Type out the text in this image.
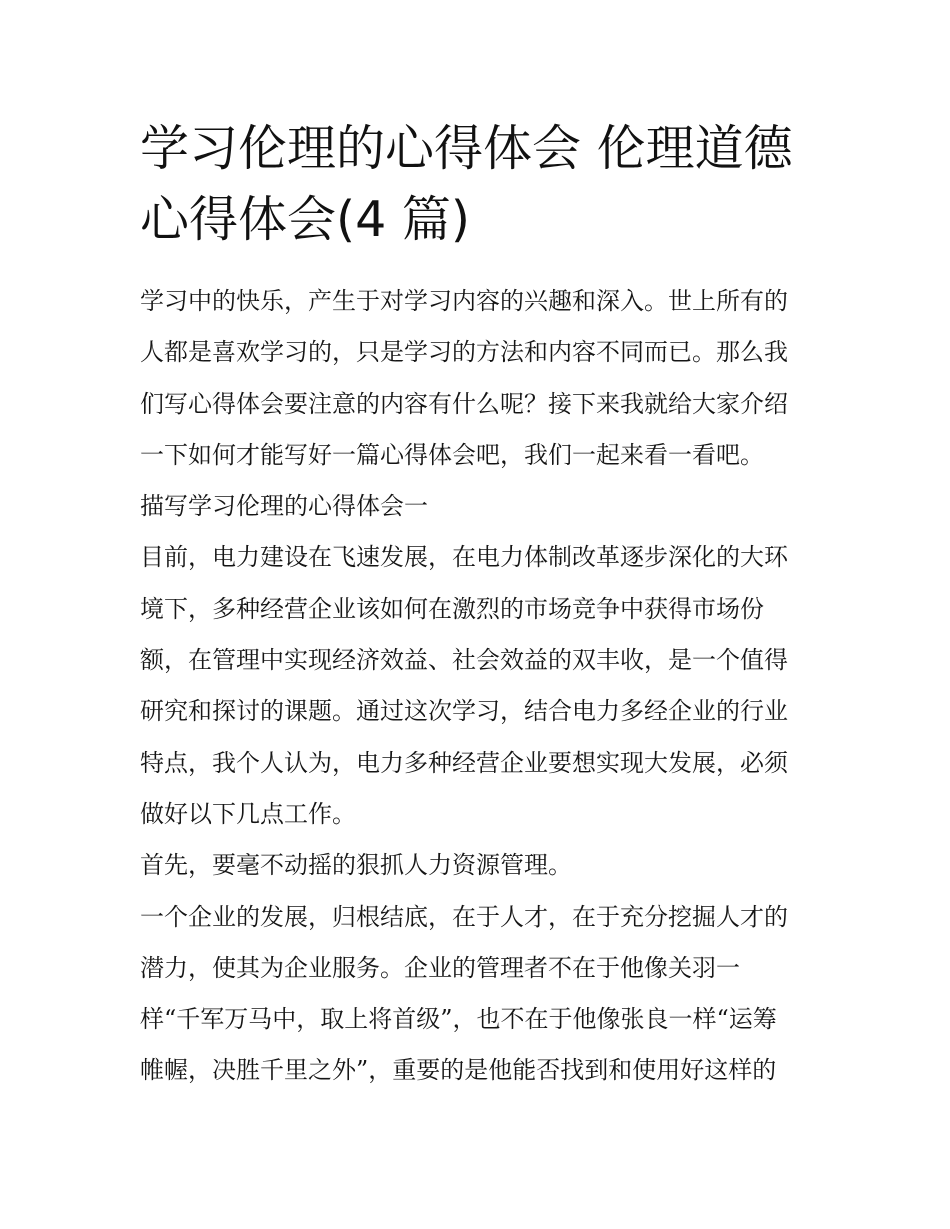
学习伦理的心得体会 伦理道德
心得体会(4 篇)
学习中的快乐，产生于对学习内容的兴趣和深入。世上所有的
人都是喜欢学习的，只是学习的方法和内容不同而已。那么我
们写心得体会要注意的内容有什么呢？接下来我就给大家介绍
一下如何才能写好一篇心得体会吧，我们一起来看一看吧。
描写学习伦理的心得体会一
目前，电力建设在飞速发展，在电力体制改革逐步深化的大环
境下，多种经营企业该如何在激烈的市场竞争中获得市场份
额，在管理中实现经济效益、社会效益的双丰收，是一个值得
研究和探讨的课题。通过这次学习，结合电力多经企业的行业
特点，我个人认为，电力多种经营企业要想实现大发展，必须
做好以下几点工作。
首先，要毫不动摇的狠抓人力资源管理。
一个企业的发展，归根结底，在于人才，在于充分挖掘人才的
潜力，使其为企业服务。企业的管理者不在于他像关羽一
样“千军万马中，取上将首级”，也不在于他像张良一样“运筹
帷幄，决胜千里之外”，重要的是他能否找到和使用好这样的
